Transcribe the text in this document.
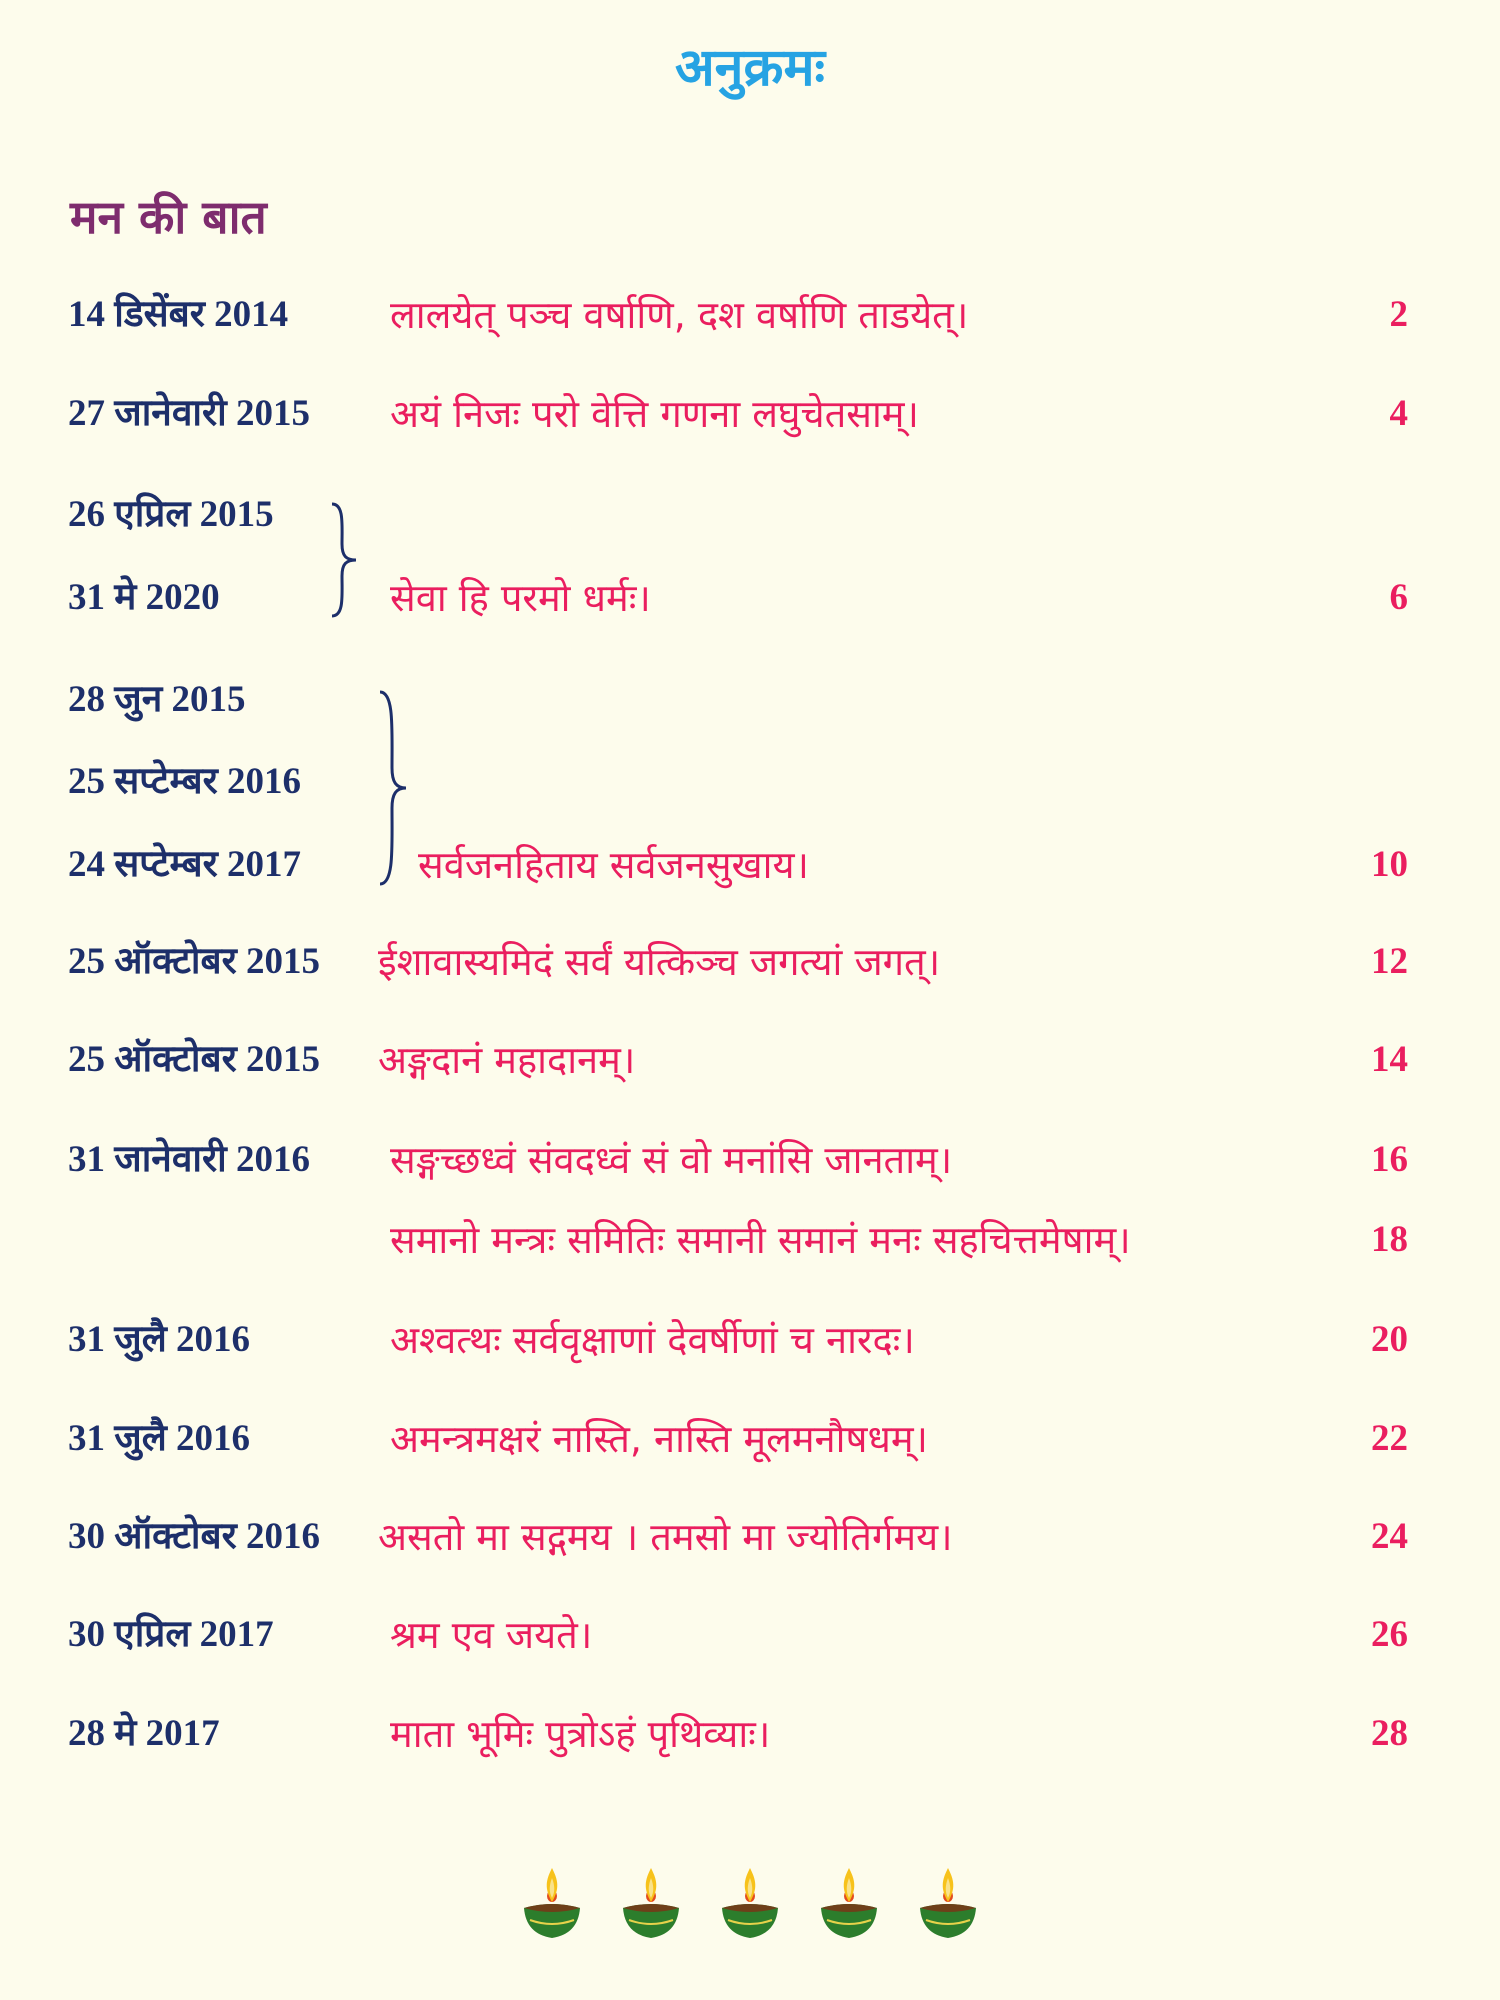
अनुक्रमः
मन की बात
14 डिसेंबर 2014	लालयेत् पञ्च वर्षाणि, दश वर्षाणि ताडयेत्।	2
27 जानेवारी 2015 अयं निजः परो वेत्ति गणना लघुचेतसाम्।	4
26 एप्रिल 2015
31 मे 2020	सेवा हि परमो धर्मः।	6
28 जुन 2015
25 सप्टेम्बर 2016
24 सप्टेम्बर 2017	सर्वजनहिताय सर्वजनसुखाय।	10
25 ऑक्टोबर 2015 ईशावास्यमिदं सर्वं यत्किञ्च जगत्यां जगत्।	12
25 ऑक्टोबर 2015 अङ्गदानं महादानम्।	14
31 जानेवारी 2016 सङ्गच्छध्वं संवदध्वं सं वो मनांसि जानताम्।	16
समानो मन्त्रः समितिः समानी समानं मनः सहचित्तमेषाम्।	18
31 जुलै 2016	अश्वत्थः सर्ववृक्षाणां देवर्षीणां च नारदः।	20
31 जुलै 2016	अमन्त्रमक्षरं नास्ति, नास्ति मूलमनौषधम्।	22
30 ऑक्टोबर 2016 असतो मा सद्गमय । तमसो मा ज्योतिर्गमय।	24
30 एप्रिल 2017	श्रम एव जयते।	26
28 मे 2017	माता भूमिः पुत्रोऽहं पृथिव्याः।	28
